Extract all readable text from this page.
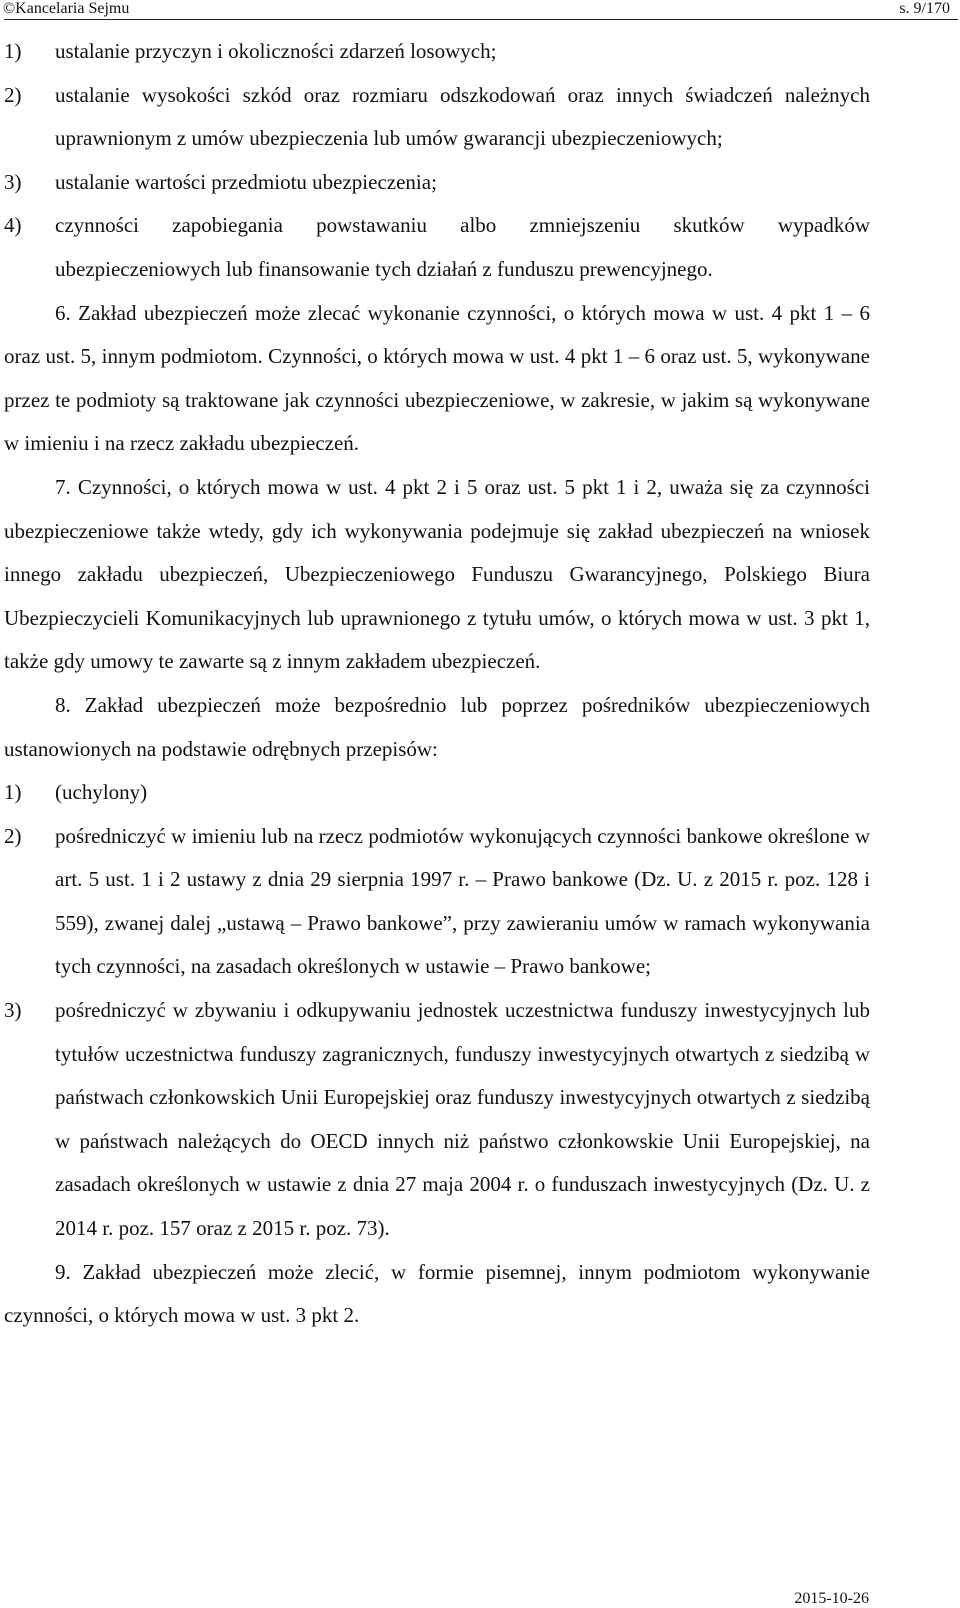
©Kancelaria Sejmu	s. 9/170
1)	ustalanie przyczyn i okoliczności zdarzeń losowych;
2)	ustalanie wysokości szkód oraz rozmiaru odszkodowań oraz innych świadczeń należnych uprawnionym z umów ubezpieczenia lub umów gwarancji ubezpieczeniowych;
3)	ustalanie wartości przedmiotu ubezpieczenia;
4)	czynności zapobiegania powstawaniu albo zmniejszeniu skutków wypadków ubezpieczeniowych lub finansowanie tych działań z funduszu prewencyjnego.

6. Zakład ubezpieczeń może zlecać wykonanie czynności, o których mowa w ust. 4 pkt 1 – 6 oraz ust. 5, innym podmiotom. Czynności, o których mowa w ust. 4 pkt 1 – 6 oraz ust. 5, wykonywane przez te podmioty są traktowane jak czynności ubezpieczeniowe, w zakresie, w jakim są wykonywane w imieniu i na rzecz zakładu ubezpieczeń.

7. Czynności, o których mowa w ust. 4 pkt 2 i 5 oraz ust. 5 pkt 1 i 2, uważa się za czynności ubezpieczeniowe także wtedy, gdy ich wykonywania podejmuje się zakład ubezpieczeń na wniosek innego zakładu ubezpieczeń, Ubezpieczeniowego Funduszu Gwarancyjnego, Polskiego Biura Ubezpieczycieli Komunikacyjnych lub uprawnionego z tytułu umów, o których mowa w ust. 3 pkt 1, także gdy umowy te zawarte są z innym zakładem ubezpieczeń.

8. Zakład ubezpieczeń może bezpośrednio lub poprzez pośredników ubezpieczeniowych ustanowionych na podstawie odrębnych przepisów:

1)	(uchylony)
2)	pośredniczyć w imieniu lub na rzecz podmiotów wykonujących czynności bankowe określone w art. 5 ust. 1 i 2 ustawy z dnia 29 sierpnia 1997 r. – Prawo bankowe (Dz. U. z 2015 r. poz. 128 i 559), zwanej dalej „ustawą – Prawo bankowe”, przy zawieraniu umów w ramach wykonywania tych czynności, na zasadach określonych w ustawie – Prawo bankowe;
3)	pośredniczyć w zbywaniu i odkupywaniu jednostek uczestnictwa funduszy inwestycyjnych lub tytułów uczestnictwa funduszy zagranicznych, funduszy inwestycyjnych otwartych z siedzibą w państwach członkowskich Unii Europejskiej oraz funduszy inwestycyjnych otwartych z siedzibą w państwach należących do OECD innych niż państwo członkowskie Unii Europejskiej, na zasadach określonych w ustawie z dnia 27 maja 2004 r. o funduszach inwestycyjnych (Dz. U. z 2014 r. poz. 157 oraz z 2015 r. poz. 73).

9. Zakład ubezpieczeń może zlecić, w formie pisemnej, innym podmiotom wykonywanie czynności, o których mowa w ust. 3 pkt 2.

2015-10-26
